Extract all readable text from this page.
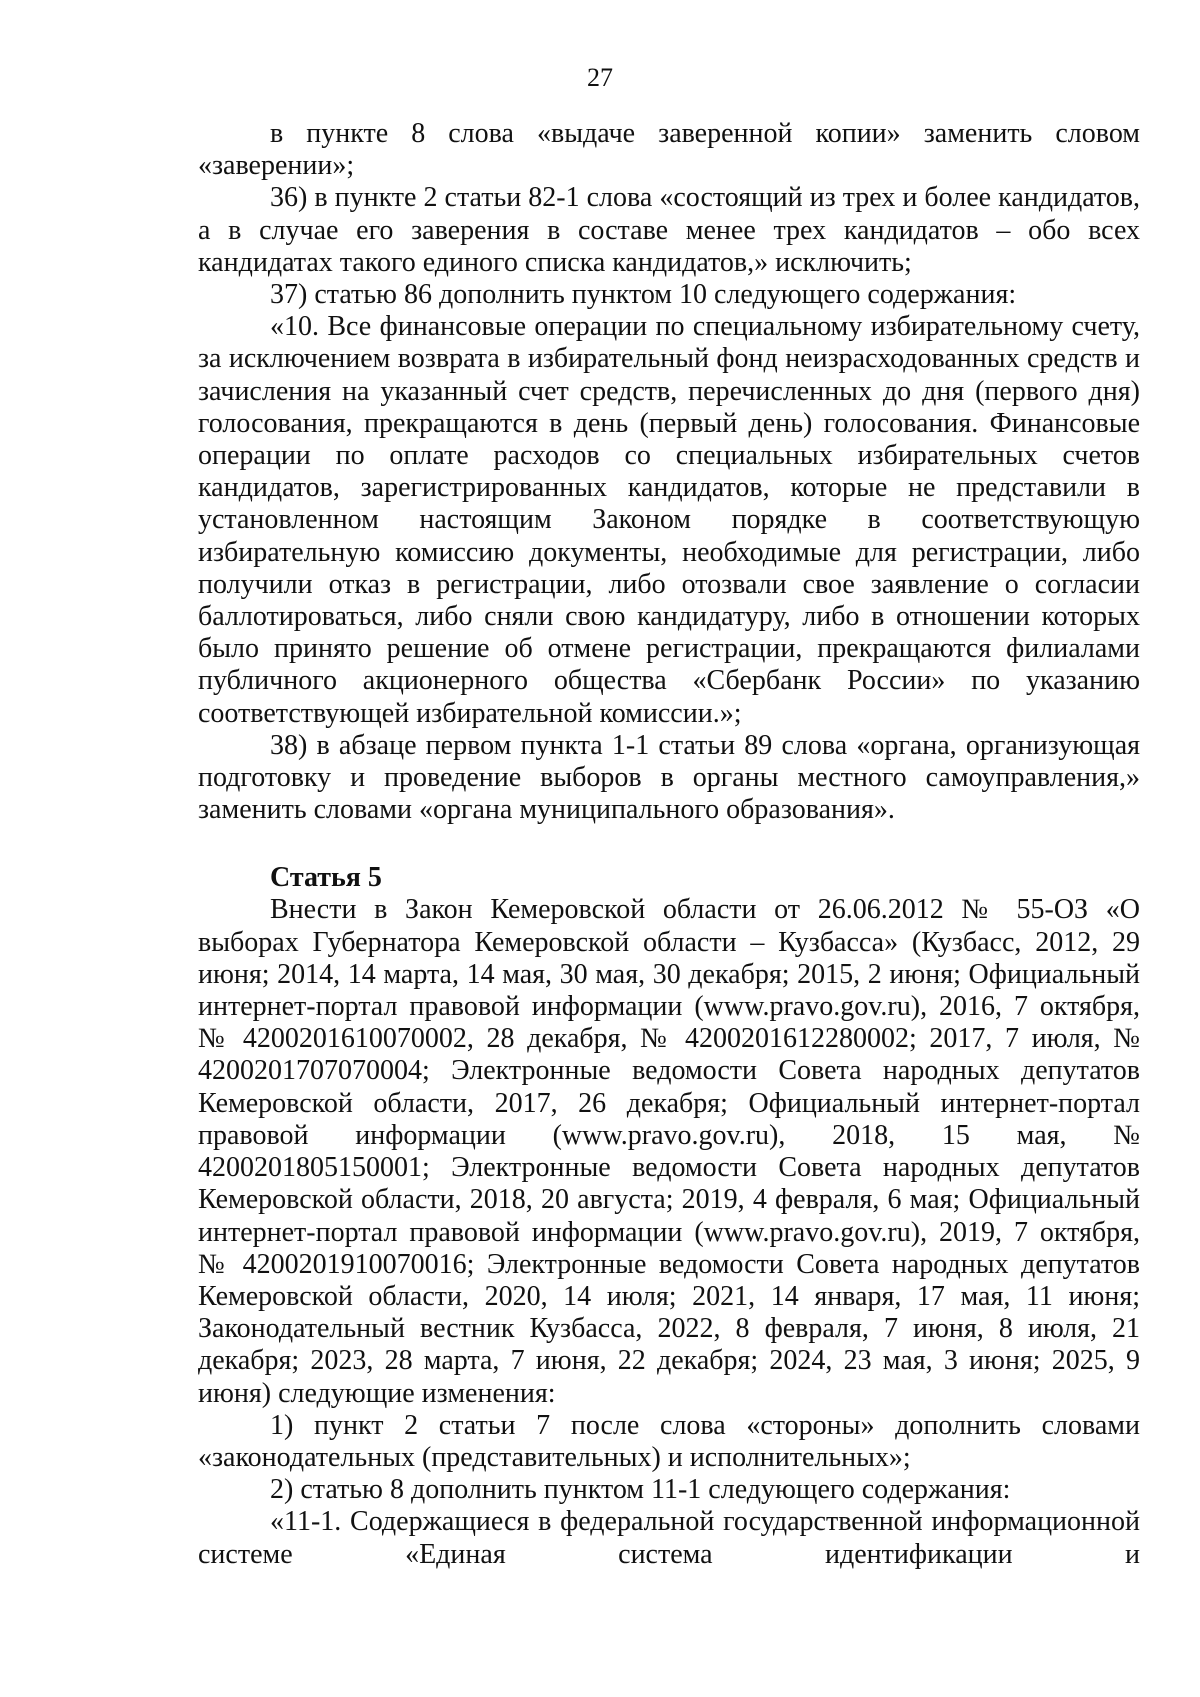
27

в пункте 8 слова «выдаче заверенной копии» заменить словом «заверении»;

36) в пункте 2 статьи 82-1 слова «состоящий из трех и более кандидатов, а в случае его заверения в составе менее трех кандидатов – обо всех кандидатах такого единого списка кандидатов,» исключить;

37) статью 86 дополнить пунктом 10 следующего содержания:

«10. Все финансовые операции по специальному избирательному счету, за исключением возврата в избирательный фонд неизрасходованных средств и зачисления на указанный счет средств, перечисленных до дня (первого дня) голосования, прекращаются в день (первый день) голосования. Финансовые операции по оплате расходов со специальных избирательных счетов кандидатов, зарегистрированных кандидатов, которые не представили в установленном настоящим Законом порядке в соответствующую избирательную комиссию документы, необходимые для регистрации, либо получили отказ в регистрации, либо отозвали свое заявление о согласии баллотироваться, либо сняли свою кандидатуру, либо в отношении которых было принято решение об отмене регистрации, прекращаются филиалами публичного акционерного общества «Сбербанк России» по указанию соответствующей избирательной комиссии.»;

38) в абзаце первом пункта 1-1 статьи 89 слова «органа, организующая подготовку и проведение выборов в органы местного самоуправления,» заменить словами «органа муниципального образования».

Статья 5

Внести в Закон Кемеровской области от 26.06.2012 № 55-ОЗ «О выборах Губернатора Кемеровской области – Кузбасса» (Кузбасс, 2012, 29 июня; 2014, 14 марта, 14 мая, 30 мая, 30 декабря; 2015, 2 июня; Официальный интернет-портал правовой информации (www.pravo.gov.ru), 2016, 7 октября, № 4200201610070002, 28 декабря, № 4200201612280002; 2017, 7 июля, № 4200201707070004; Электронные ведомости Совета народных депутатов Кемеровской области, 2017, 26 декабря; Официальный интернет-портал правовой информации (www.pravo.gov.ru), 2018, 15 мая, № 4200201805150001; Электронные ведомости Совета народных депутатов Кемеровской области, 2018, 20 августа; 2019, 4 февраля, 6 мая; Официальный интернет-портал правовой информации (www.pravo.gov.ru), 2019, 7 октября, № 4200201910070016; Электронные ведомости Совета народных депутатов Кемеровской области, 2020, 14 июля; 2021, 14 января, 17 мая, 11 июня; Законодательный вестник Кузбасса, 2022, 8 февраля, 7 июня, 8 июля, 21 декабря; 2023, 28 марта, 7 июня, 22 декабря; 2024, 23 мая, 3 июня; 2025, 9 июня) следующие изменения:

1) пункт 2 статьи 7 после слова «стороны» дополнить словами «законодательных (представительных) и исполнительных»;

2) статью 8 дополнить пунктом 11-1 следующего содержания:

«11-1. Содержащиеся в федеральной государственной информационной системе «Единая система идентификации и
